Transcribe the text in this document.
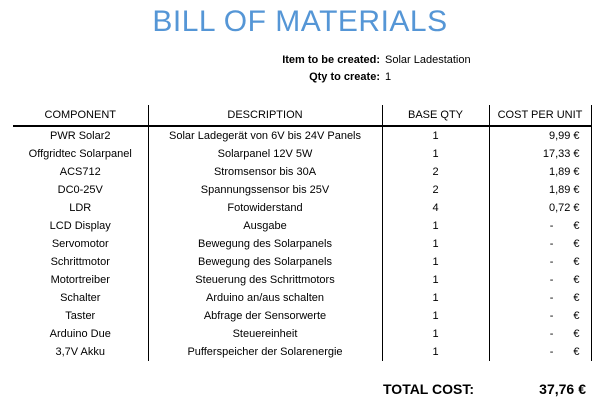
BILL OF MATERIALS
Item to be created: Solar Ladestation
Qty to create: 1
COMPONENT	DESCRIPTION	BASE QTY	COST PER UNIT
PWR Solar2	Solar Ladegerät von 6V bis 24V Panels	1	9,99 €

Offgridtec Solarpanel	Solarpanel 12V 5W	1	17,33 €

ACS712	Stromsensor bis 30A	2	1,89 €

DC0-25V	Spannungssensor bis 25V	2	1,89 €

LDR	Fotowiderstand	4	0,72 €

LCD Display	Ausgabe	1	- €

Servomotor	Bewegung des Solarpanels	1	- €

Schrittmotor	Bewegung des Solarpanels	1	- €

Motortreiber	Steuerung des Schrittmotors	1	- €

Schalter	Arduino an/aus schalten	1	- €

Taster	Abfrage der Sensorwerte	1	- €

Arduino Due	Steuereinheit	1	- €

3,7V Akku	Pufferspeicher der Solarenergie	1	- €
TOTAL COST:	37,76 €
